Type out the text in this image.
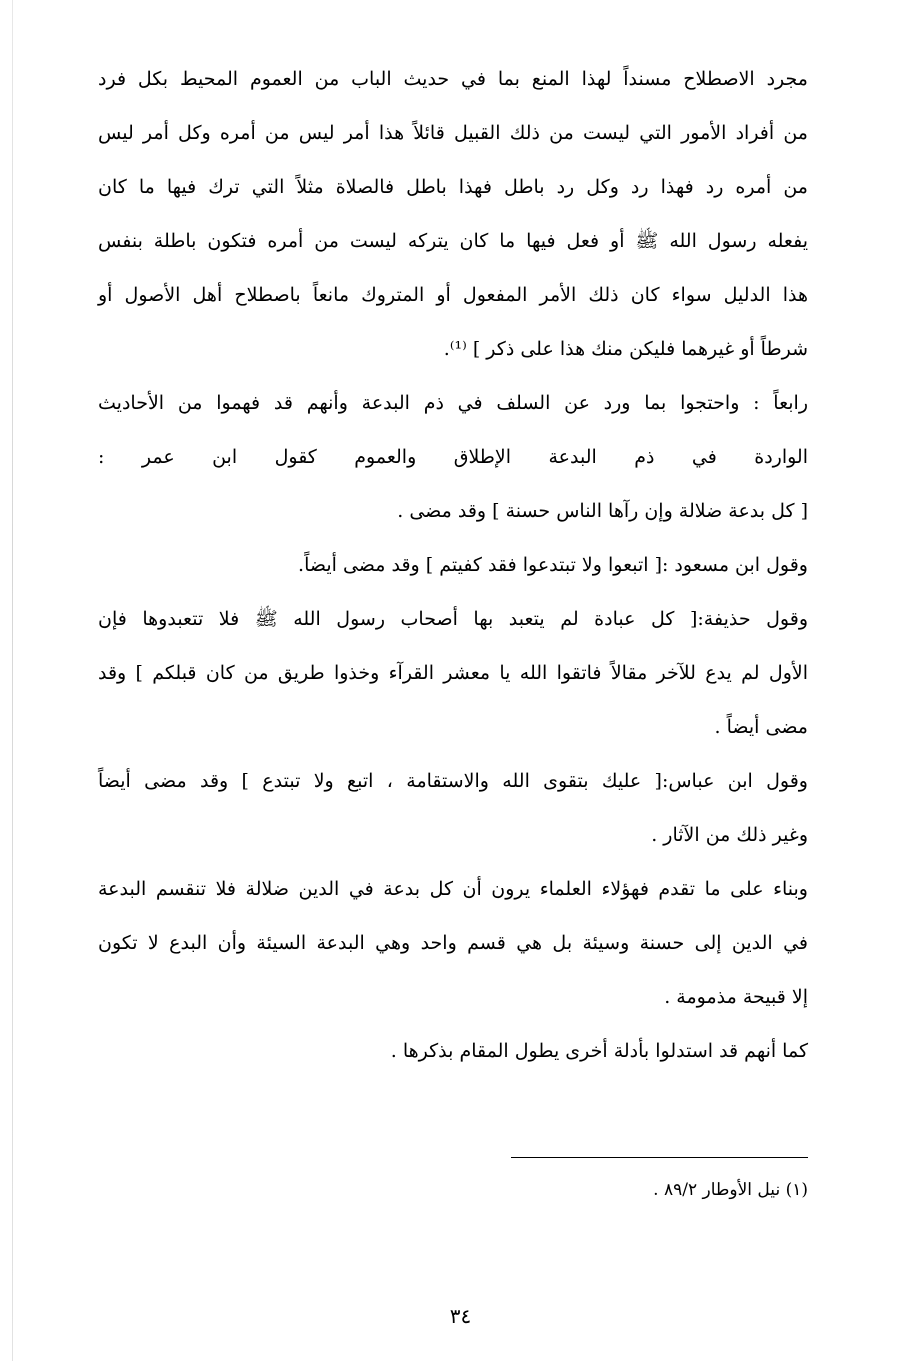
مجرد الاصطلاح مسنداً لهذا المنع بما في حديث الباب من العموم المحيط بكل فرد
من أفراد الأمور التي ليست من ذلك القبيل قائلاً هذا أمر ليس من أمره وكل أمر ليس
من أمره رد فهذا رد وكل رد باطل فهذا باطل فالصلاة مثلاً التي ترك فيها ما كان
يفعله رسول الله ﷺ أو فعل فيها ما كان يتركه ليست من أمره فتكون باطلة بنفس
هذا الدليل سواء كان ذلك الأمر المفعول أو المتروك مانعاً باصطلاح أهل الأصول أو
شرطاً أو غيرهما فليكن منك هذا على ذكر ] ⁽¹⁾.
رابعاً : واحتجوا بما ورد عن السلف في ذم البدعة وأنهم قد فهموا من الأحاديث
الواردة في ذم البدعة الإطلاق والعموم كقول ابن عمر :
[ كل بدعة ضلالة وإن رآها الناس حسنة ] وقد مضى .
وقول ابن مسعود :[ اتبعوا ولا تبتدعوا فقد كفيتم ] وقد مضى أيضاً.
وقول حذيفة:[ كل عبادة لم يتعبد بها أصحاب رسول الله ﷺ فلا تتعبدوها فإن
الأول لم يدع للآخر مقالاً فاتقوا الله يا معشر القرآء وخذوا طريق من كان قبلكم ] وقد
مضى أيضاً .
وقول ابن عباس:[ عليك بتقوى الله والاستقامة ، اتبع ولا تبتدع ] وقد مضى أيضاً
وغير ذلك من الآثار .
وبناء على ما تقدم فهؤلاء العلماء يرون أن كل بدعة في الدين ضلالة فلا تنقسم البدعة
في الدين إلى حسنة وسيئة بل هي قسم واحد وهي البدعة السيئة وأن البدع لا تكون
إلا قبيحة مذمومة .
كما أنهم قد استدلوا بأدلة أخرى يطول المقام بذكرها .
(١) نيل الأوطار ٨٩/٢ .
٣٤
